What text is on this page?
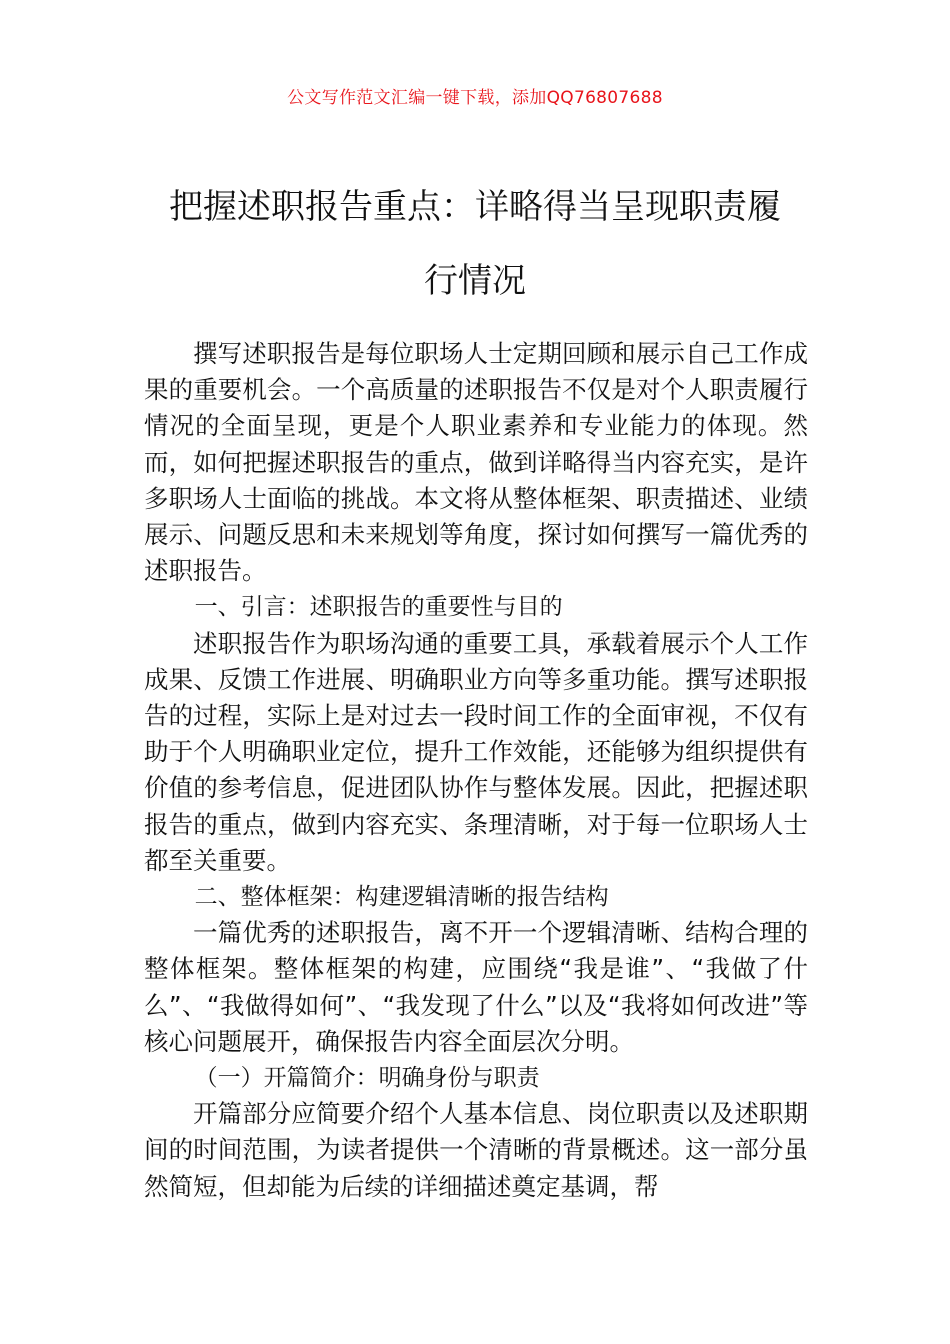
公文写作范文汇编一键下载，添加QQ76807688
把握述职报告重点：详略得当呈现职责履
行情况

撰写述职报告是每位职场人士定期回顾和展示自己工作成果的重要机会。一个高质量的述职报告不仅是对个人职责履行情况的全面呈现，更是个人职业素养和专业能力的体现。然而，如何把握述职报告的重点，做到详略得当内容充实，是许多职场人士面临的挑战。本文将从整体框架、职责描述、业绩展示、问题反思和未来规划等角度，探讨如何撰写一篇优秀的述职报告。

一、引言：述职报告的重要性与目的

述职报告作为职场沟通的重要工具，承载着展示个人工作成果、反馈工作进展、明确职业方向等多重功能。撰写述职报告的过程，实际上是对过去一段时间工作的全面审视，不仅有助于个人明确职业定位，提升工作效能，还能够为组织提供有价值的参考信息，促进团队协作与整体发展。因此，把握述职报告的重点，做到内容充实、条理清晰，对于每一位职场人士都至关重要。

二、整体框架：构建逻辑清晰的报告结构

一篇优秀的述职报告，离不开一个逻辑清晰、结构合理的整体框架。整体框架的构建，应围绕“我是谁”、“我做了什么”、“我做得如何”、“我发现了什么”以及“我将如何改进”等核心问题展开，确保报告内容全面层次分明。

（一）开篇简介：明确身份与职责

开篇部分应简要介绍个人基本信息、岗位职责以及述职期间的时间范围，为读者提供一个清晰的背景概述。这一部分虽然简短，但却能为后续的详细描述奠定基调，帮
